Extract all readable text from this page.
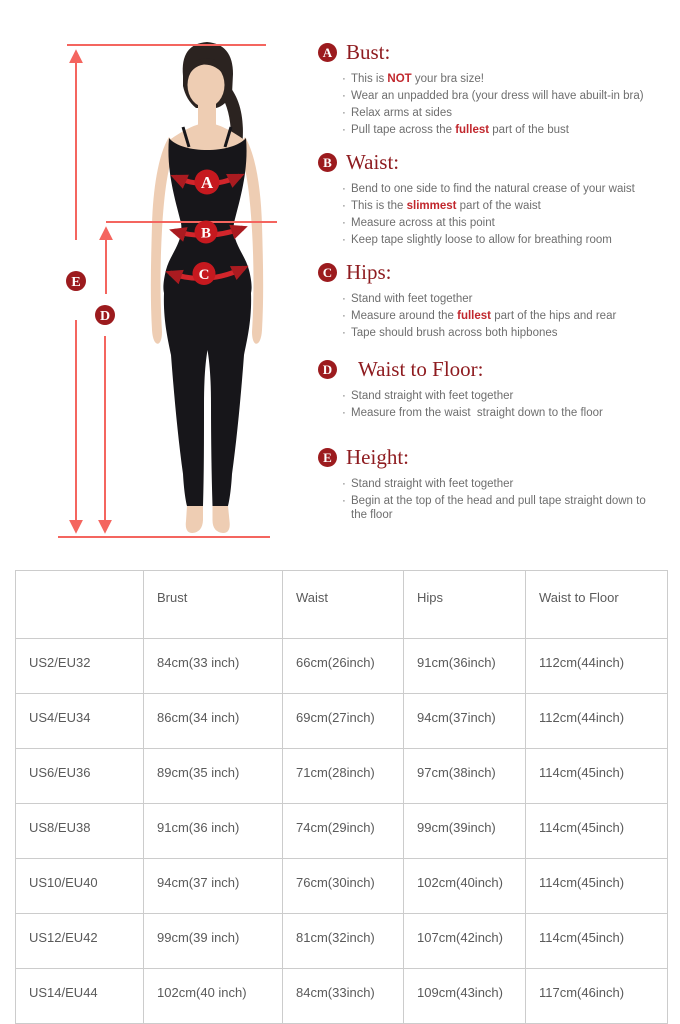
A
B
C
E
D
A Bust:
· This is NOT your bra size!
· Wear an unpadded bra (your dress will have abuilt-in bra)
· Relax arms at sides
· Pull tape across the fullest part of the bust
B Waist:
· Bend to one side to find the natural crease of your waist
· This is the slimmest part of the waist
· Measure across at this point
· Keep tape slightly loose to allow for breathing room
C Hips:
· Stand with feet together
· Measure around the fullest part of the hips and rear
· Tape should brush across both hipbones
D Waist to Floor:
· Stand straight with feet together
· Measure from the waist  straight down to the floor
E Height:
· Stand straight with feet together
· Begin at the top of the head and pull tape straight down to the floor
	Brust	Waist	Hips	Waist to Floor
US2/EU32	84cm(33 inch)	66cm(26inch)	91cm(36inch)	112cm(44inch)
US4/EU34	86cm(34 inch)	69cm(27inch)	94cm(37inch)	112cm(44inch)
US6/EU36	89cm(35 inch)	71cm(28inch)	97cm(38inch)	114cm(45inch)
US8/EU38	91cm(36 inch)	74cm(29inch)	99cm(39inch)	114cm(45inch)
US10/EU40	94cm(37 inch)	76cm(30inch)	102cm(40inch)	114cm(45inch)
US12/EU42	99cm(39 inch)	81cm(32inch)	107cm(42inch)	114cm(45inch)
US14/EU44	102cm(40 inch)	84cm(33inch)	109cm(43inch)	117cm(46inch)
